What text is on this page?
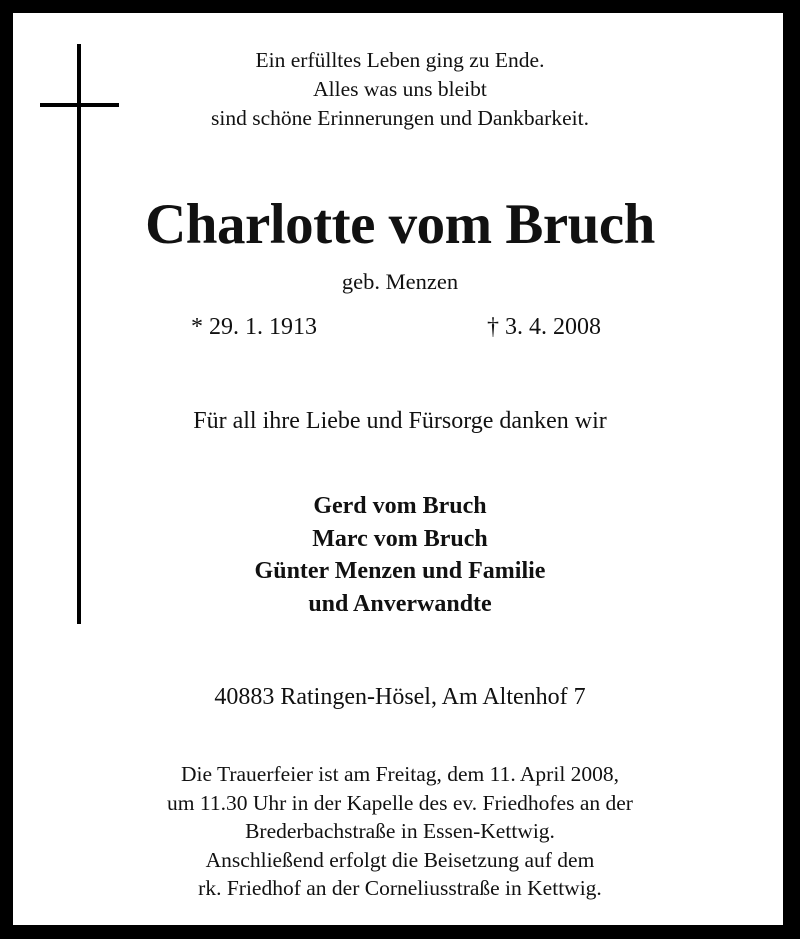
Ein erfülltes Leben ging zu Ende.
Alles was uns bleibt
sind schöne Erinnerungen und Dankbarkeit.
Charlotte vom Bruch
geb. Menzen
* 29. 1. 1913	† 3. 4. 2008
Für all ihre Liebe und Fürsorge danken wir
Gerd vom Bruch
Marc vom Bruch
Günter Menzen und Familie
und Anverwandte
40883 Ratingen-Hösel, Am Altenhof 7
Die Trauerfeier ist am Freitag, dem 11. April 2008,
um 11.30 Uhr in der Kapelle des ev. Friedhofes an der
Brederbachstraße in Essen-Kettwig.
Anschließend erfolgt die Beisetzung auf dem
rk. Friedhof an der Corneliusstraße in Kettwig.
